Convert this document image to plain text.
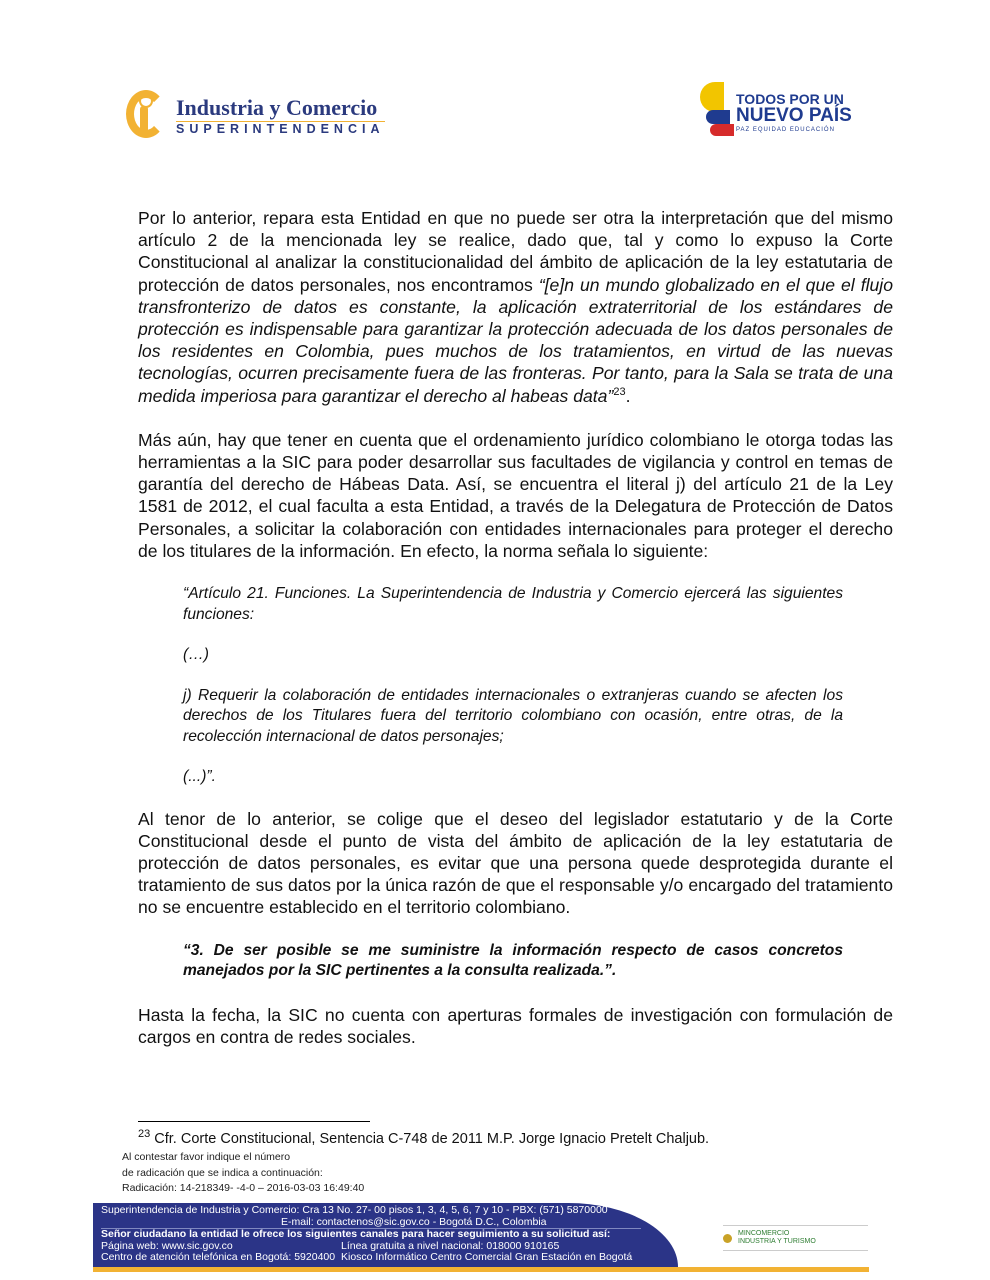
Industria y Comercio
SUPERINTENDENCIA
TODOS POR UN
NUEVO PAÍS
PAZ EQUIDAD EDUCACIÓN

Por lo anterior, repara esta Entidad en que no puede ser otra la interpretación que del mismo artículo 2 de la mencionada ley se realice, dado que, tal y como lo expuso la Corte Constitucional al analizar la constitucionalidad del ámbito de aplicación de la ley estatutaria de protección de datos personales, nos encontramos “[e]n un mundo globalizado en el que el flujo transfronterizo de datos es constante, la aplicación extraterritorial de los estándares de protección es indispensable para garantizar la protección adecuada de los datos personales de los residentes en Colombia, pues muchos de los tratamientos, en virtud de las nuevas tecnologías, ocurren precisamente fuera de las fronteras. Por tanto, para la Sala se trata de una medida imperiosa para garantizar el derecho al habeas data”$^{23}$.

Más aún, hay que tener en cuenta que el ordenamiento jurídico colombiano le otorga todas las herramientas a la SIC para poder desarrollar sus facultades de vigilancia y control en temas de garantía del derecho de Hábeas Data. Así, se encuentra el literal j) del artículo 21 de la Ley 1581 de 2012, el cual faculta a esta Entidad, a través de la Delegatura de Protección de Datos Personales, a solicitar la colaboración con entidades internacionales para proteger el derecho de los titulares de la información. En efecto, la norma señala lo siguiente:

“Artículo 21. Funciones. La Superintendencia de Industria y Comercio ejercerá las siguientes funciones:

(…)

j) Requerir la colaboración de entidades internacionales o extranjeras cuando se afecten los derechos de los Titulares fuera del territorio colombiano con ocasión, entre otras, de la recolección internacional de datos personajes;

(...)”.

Al tenor de lo anterior, se colige que el deseo del legislador estatutario y de la Corte Constitucional desde el punto de vista del ámbito de aplicación de la ley estatutaria de protección de datos personales, es evitar que una persona quede desprotegida durante el tratamiento de sus datos por la única razón de que el responsable y/o encargado del tratamiento no se encuentre establecido en el territorio colombiano.

“3. De ser posible se me suministre la información respecto de casos concretos manejados por la SIC pertinentes a la consulta realizada.”.

Hasta la fecha, la SIC no cuenta con aperturas formales de investigación con formulación de cargos en contra de redes sociales.

$^{23}$ Cfr. Corte Constitucional, Sentencia C-748 de 2011 M.P. Jorge Ignacio Pretelt Chaljub.
Al contestar favor indique el número
de radicación que se indica a continuación:
Radicación: 14-218349- -4-0 – 2016-03-03 16:49:40
Superintendencia de Industria y Comercio: Cra 13 No. 27- 00 pisos 1, 3, 4, 5, 6, 7 y 10 - PBX: (571) 5870000
E-mail: contactenos@sic.gov.co - Bogotá D.C., Colombia
Señor ciudadano la entidad le ofrece los siguientes canales para hacer seguimiento a su solicitud así:
Página web: www.sic.gov.co	Línea gratuita a nivel nacional: 018000 910165
Centro de atención telefónica en Bogotá: 5920400 Kiosco Informático Centro Comercial Gran Estación en Bogotá
MINCOMERCIO
INDUSTRIA Y TURISMO
